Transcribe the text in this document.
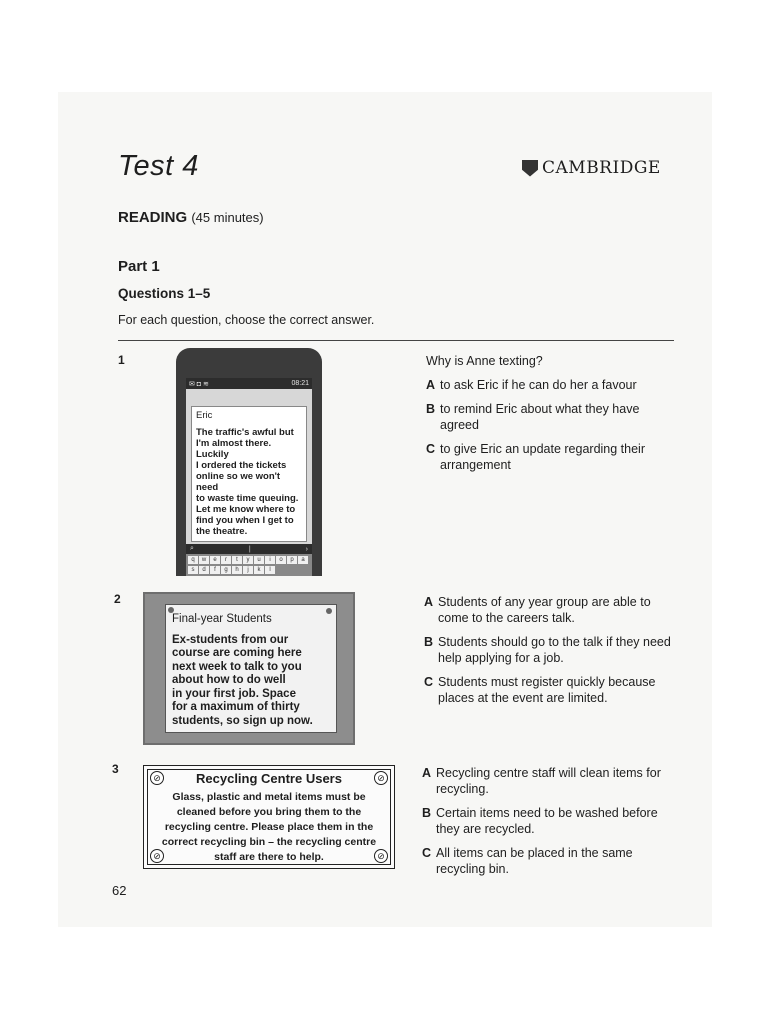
Test 4	CAMBRIDGE
READING (45 minutes)
Part 1
Questions 1–5
For each question, choose the correct answer.
1
✉ ◘ ≋	08:21
Eric
The traffic's awful but
I'm almost there. Luckily
I ordered the tickets
online so we won't need
to waste time queuing.
Let me know where to
find you when I get to
the theatre.
⌕	|	›
q	w	e	r	t	y	u	i	o	p	a
s	d	f	g	h	j	k	l
Why is Anne texting?
A to ask Eric if he can do her a favour
B to remind Eric about what they have agreed
C to give Eric an update regarding their arrangement
2
Final-year Students
Ex-students from our
course are coming here
next week to talk to you
about how to do well
in your first job. Space
for a maximum of thirty
students, so sign up now.
A Students of any year group are able to come to the careers talk.
B Students should go to the talk if they need help applying for a job.
C Students must register quickly because places at the event are limited.
3
⊘	⊘
⊘	⊘
Recycling Centre Users
Glass, plastic and metal items must be
cleaned before you bring them to the
recycling centre. Please place them in the
correct recycling bin – the recycling centre
staff are there to help.
A Recycling centre staff will clean items for recycling.
B Certain items need to be washed before they are recycled.
C All items can be placed in the same recycling bin.
62
